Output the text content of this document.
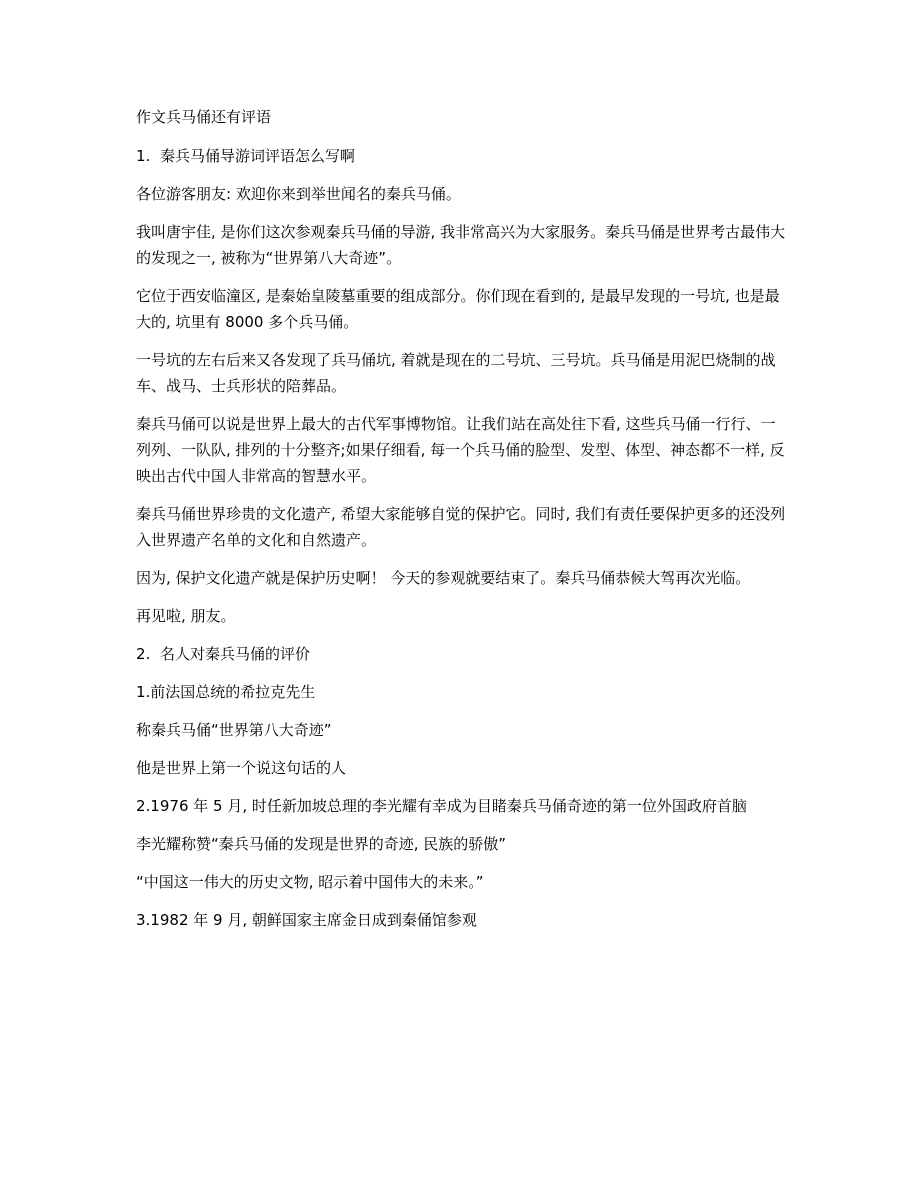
作文兵马俑还有评语

1. 秦兵马俑导游词评语怎么写啊

各位游客朋友: 欢迎你来到举世闻名的秦兵马俑。

我叫唐宇佳, 是你们这次参观秦兵马俑的导游, 我非常高兴为大家服务。秦兵马俑是世界考古最伟大的发现之一, 被称为“世界第八大奇迹”。

它位于西安临潼区, 是秦始皇陵墓重要的组成部分。你们现在看到的, 是最早发现的一号坑, 也是最大的, 坑里有 8000 多个兵马俑。

一号坑的左右后来又各发现了兵马俑坑, 着就是现在的二号坑、三号坑。兵马俑是用泥巴烧制的战车、战马、士兵形状的陪葬品。

秦兵马俑可以说是世界上最大的古代军事博物馆。让我们站在高处往下看, 这些兵马俑一行行、一列列、一队队, 排列的十分整齐;如果仔细看, 每一个兵马俑的脸型、发型、体型、神态都不一样, 反映出古代中国人非常高的智慧水平。

秦兵马俑世界珍贵的文化遗产, 希望大家能够自觉的保护它。同时, 我们有责任要保护更多的还没列入世界遗产名单的文化和自然遗产。

因为, 保护文化遗产就是保护历史啊！ 今天的参观就要结束了。秦兵马俑恭候大驾再次光临。

再见啦, 朋友。

2. 名人对秦兵马俑的评价

1.前法国总统的希拉克先生

称秦兵马俑“世界第八大奇迹”

他是世界上第一个说这句话的人

2.1976 年 5 月, 时任新加坡总理的李光耀有幸成为目睹秦兵马俑奇迹的第一位外国政府首脑

李光耀称赞“秦兵马俑的发现是世界的奇迹, 民族的骄傲”

“中国这一伟大的历史文物, 昭示着中国伟大的未来。”

3.1982 年 9 月, 朝鲜国家主席金日成到秦俑馆参观
